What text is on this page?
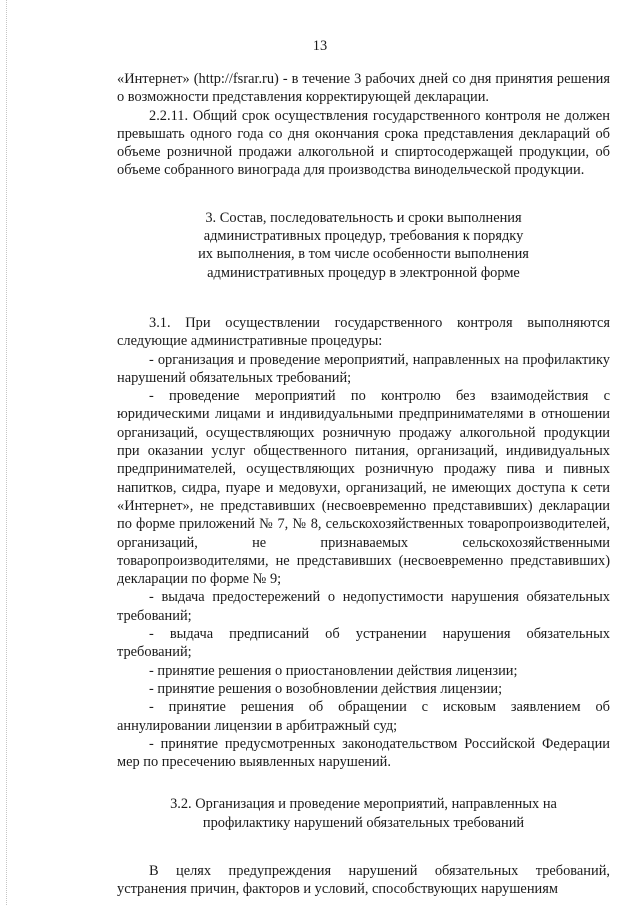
13

«Интернет» (http://fsrar.ru) - в течение 3 рабочих дней со дня принятия решения о возможности представления корректирующей декларации.

2.2.11. Общий срок осуществления государственного контроля не должен превышать одного года со дня окончания срока представления деклараций об объеме розничной продажи алкогольной и спиртосодержащей продукции, об объеме собранного винограда для производства винодельческой продукции.

3. Состав, последовательность и сроки выполнения

административных процедур, требования к порядку

их выполнения, в том числе особенности выполнения

административных процедур в электронной форме

3.1. При осуществлении государственного контроля выполняются следующие административные процедуры:

- организация и проведение мероприятий, направленных на профилактику нарушений обязательных требований;

- проведение мероприятий по контролю без взаимодействия с юридическими лицами и индивидуальными предпринимателями в отношении организаций, осуществляющих розничную продажу алкогольной продукции при оказании услуг общественного питания, организаций, индивидуальных предпринимателей, осуществляющих розничную продажу пива и пивных напитков, сидра, пуаре и медовухи, организаций, не имеющих доступа к сети «Интернет», не представивших (несвоевременно представивших) декларации по форме приложений № 7, № 8, сельскохозяйственных товаропроизводителей, организаций, не признаваемых сельскохозяйственными товаропроизводителями, не представивших (несвоевременно представивших) декларации по форме № 9;

- выдача предостережений о недопустимости нарушения обязательных требований;

- выдача предписаний об устранении нарушения обязательных требований;

- принятие решения о приостановлении действия лицензии;

- принятие решения о возобновлении действия лицензии;

- принятие решения об обращении с исковым заявлением об аннулировании лицензии в арбитражный суд;

- принятие предусмотренных законодательством Российской Федерации мер по пресечению выявленных нарушений.

3.2. Организация и проведение мероприятий, направленных на

профилактику нарушений обязательных требований

В целях предупреждения нарушений обязательных требований, устранения причин, факторов и условий, способствующих нарушениям
